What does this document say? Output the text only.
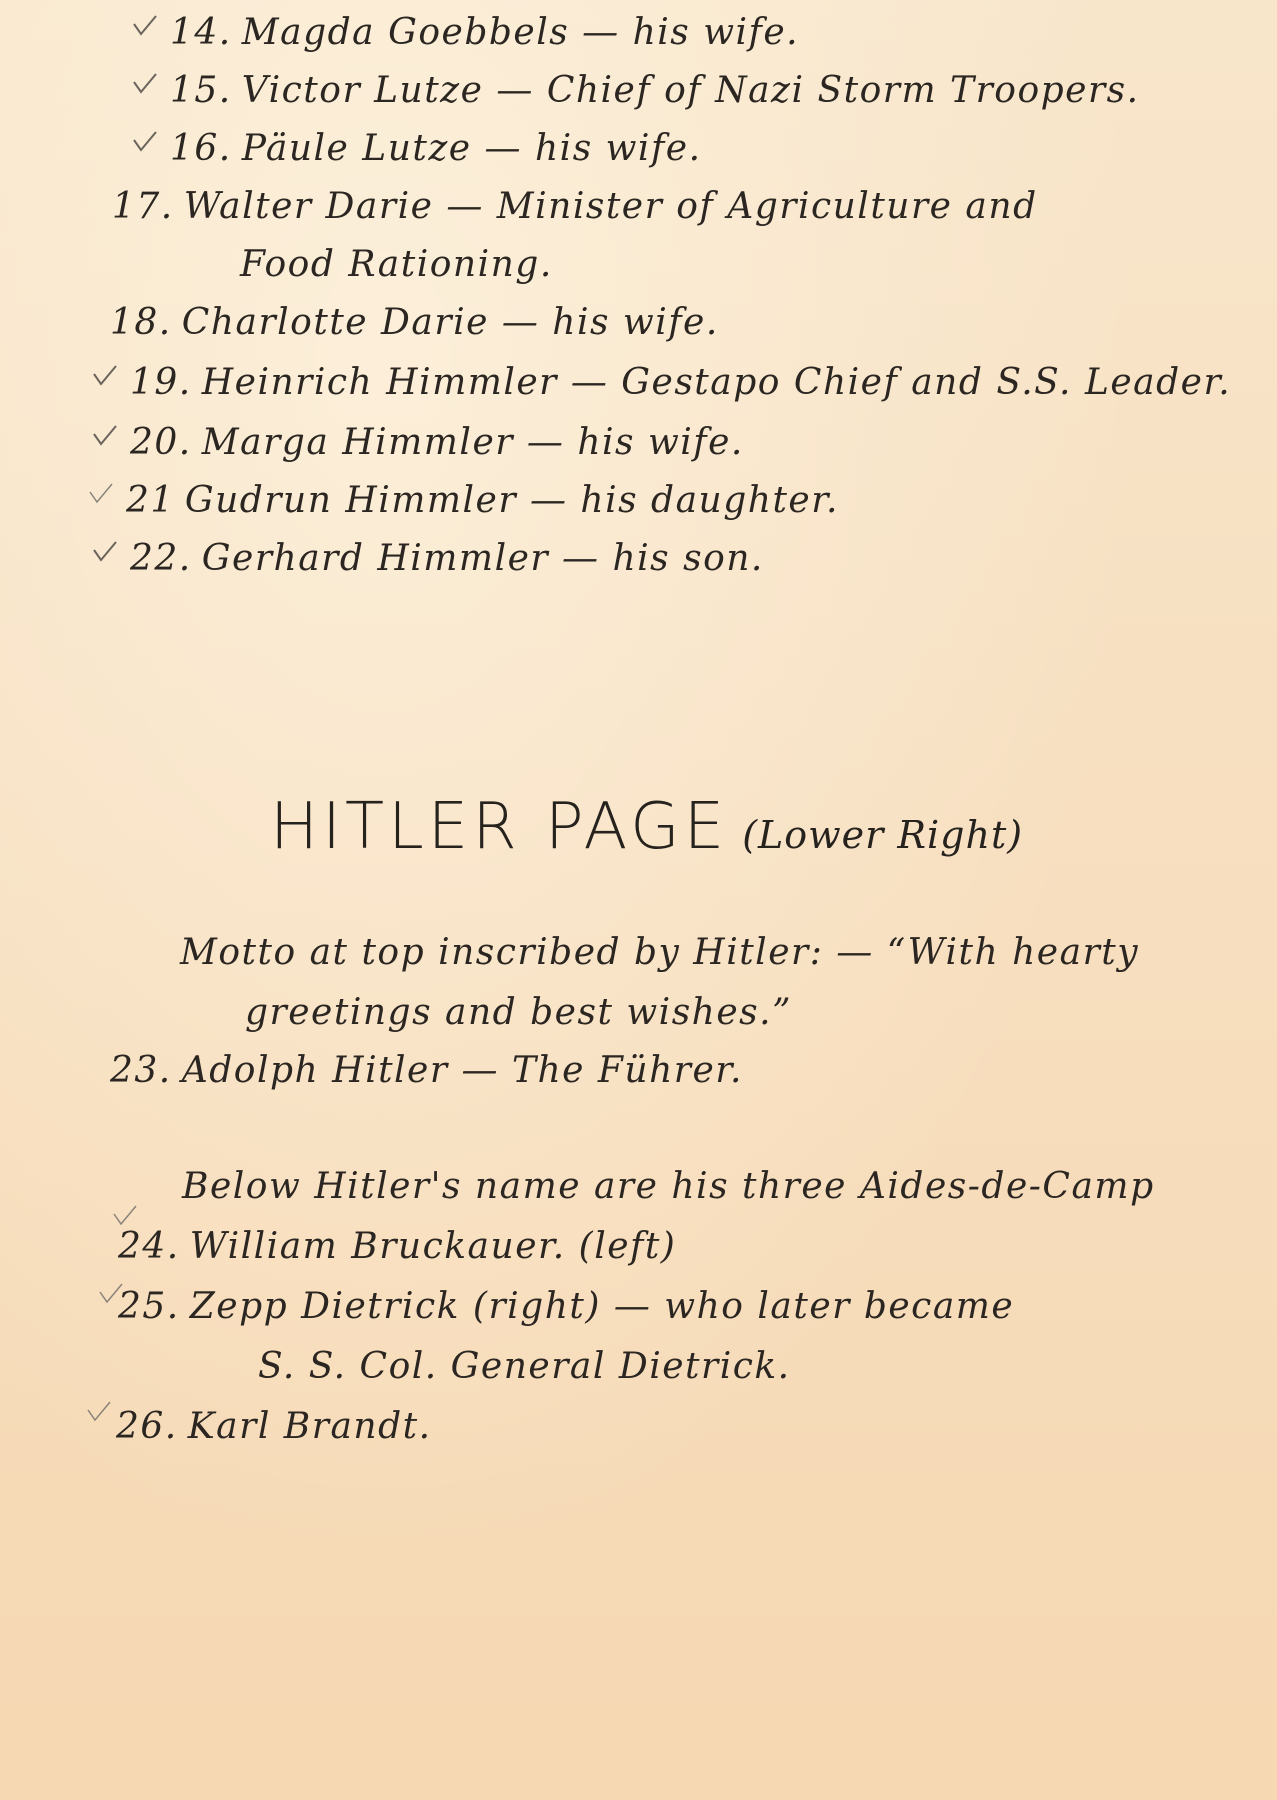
14. Magda Goebbels — his wife.
15. Victor Lutze — Chief of Nazi Storm Troopers.
16. Päule Lutze — his wife.
17. Walter Darie — Minister of Agriculture and
Food Rationing.
18. Charlotte Darie — his wife.
19. Heinrich Himmler — Gestapo Chief and S.S. Leader.
20. Marga Himmler — his wife.
21 Gudrun Himmler — his daughter.
22. Gerhard Himmler — his son.
HITLER PAGE (Lower Right)
Motto at top inscribed by Hitler: — “With hearty
greetings and best wishes.”
23. Adolph Hitler — The Führer.
Below Hitler's name are his three Aides-de-Camp
24. William Bruckauer. (left)
25. Zepp Dietrick (right) — who later became
S. S. Col. General Dietrick.
26. Karl Brandt.
